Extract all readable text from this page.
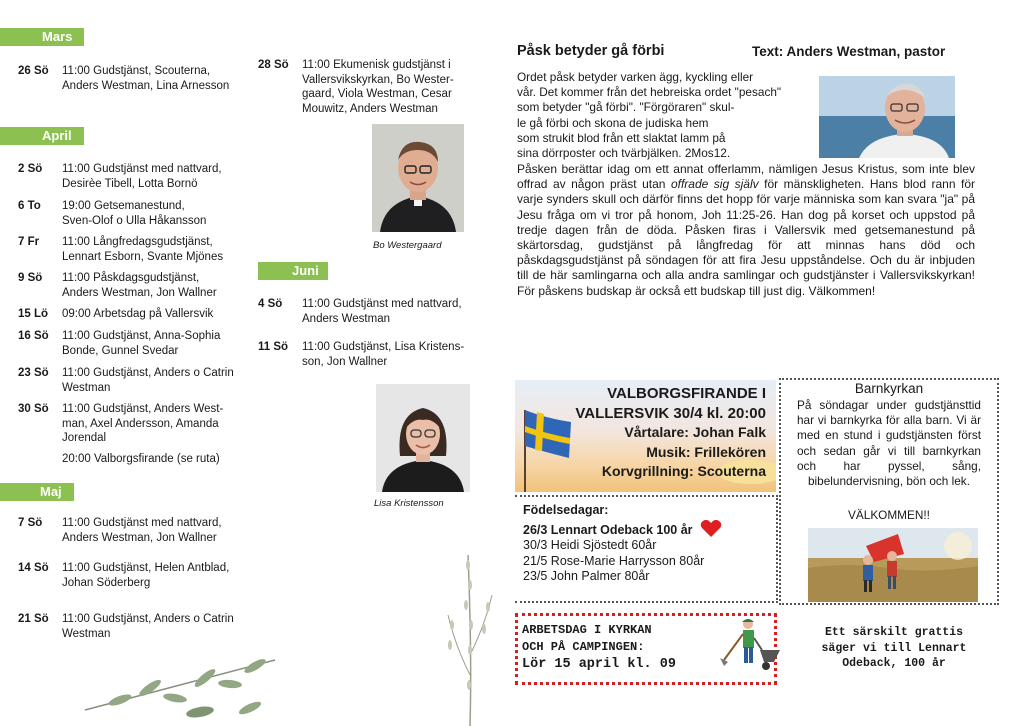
Mars
April
Maj
26 Sö 11:00 Gudstjänst, Scouterna,
Anders Westman, Lina Arnesson
2 Sö 11:00 Gudstjänst med nattvard,
Desirèe Tibell, Lotta Bornö
6 To 19:00 Getsemanestund,
Sven-Olof o Ulla Håkansson
7 Fr 11:00 Långfredagsgudstjänst,
Lennart Esborn, Svante Mjönes
9 Sö 11:00 Påskdagsgudstjänst,
Anders Westman, Jon Wallner
15 Lö 09:00 Arbetsdag på Vallersvik
16 Sö 11:00 Gudstjänst, Anna-Sophia
Bonde, Gunnel Svedar
23 Sö 11:00 Gudstjänst, Anders o Catrin
Westman
30 Sö 11:00 Gudstjänst, Anders West-
man, Axel Andersson, Amanda
Jorendal
20:00 Valborgsfirande (se ruta)
7 Sö 11:00 Gudstjänst med nattvard,
Anders Westman, Jon Wallner
14 Sö 11:00 Gudstjänst, Helen Antblad,
Johan Söderberg
21 Sö 11:00 Gudstjänst, Anders o Catrin
Westman
28 Sö 11:00 Ekumenisk gudstjänst i
Vallersvikskyrkan, Bo Wester-
gaard, Viola Westman, Cesar
Mouwitz, Anders Westman
4 Sö 11:00 Gudstjänst med nattvard,
Anders Westman
11 Sö 11:00 Gudstjänst, Lisa Kristens-
son, Jon Wallner
Bo Westergaard
Juni
Lisa Kristensson
Påsk betyder gå förbi	Text: Anders Westman, pastor
Ordet påsk betyder varken ägg, kyckling eller
vår. Det kommer från det hebreiska ordet "pesach"
som betyder "gå förbi". "Förgöraren" skul-
le gå förbi och skona de judiska hem
som strukit blod från ett slaktat lamm på
sina dörrposter och tvärbjälken. 2Mos12.
Påsken berättar idag om ett annat offerlamm, nämligen Jesus Kristus, som inte blev offrad av någon präst utan offrade sig själv för mänskligheten. Hans blod rann för varje synders skull och därför finns det hopp för varje människa som kan svara "ja" på Jesu fråga om vi tror på honom, Joh 11:25-26. Han dog på korset och uppstod på tredje dagen från de döda. Påsken firas i Vallersvik med getsemanestund på skärtorsdag, gudstjänst på långfredag för att minnas hans död och påskdagsgudstjänst på söndagen för att fira Jesu uppståndelse. Och du är inbjuden till de här samlingarna och alla andra samlingar och gudstjänster i Vallersvikskyrkan! För påskens budskap är också ett budskap till just dig. Välkommen!
VALBORGSFIRANDE I
VALLERSVIK 30/4 kl. 20:00
Vårtalare: Johan Falk
Musik: Frillekören
Korvgrillning: Scouterna
Födelsedagar:
26/3 Lennart Odeback 100 år
30/3 Heidi Sjöstedt 60år
21/5 Rose-Marie Harrysson 80år
23/5 John Palmer 80år
Barnkyrkan
På söndagar under gudstjänsttid har vi barnkyrka för alla barn. Vi är med en stund i gudstjänsten först och sedan går vi till barnkyrkan och har pyssel, sång, bibelundervisning, bön och lek.
VÄLKOMMEN!!
ARBETSDAG I KYRKAN
OCH PÅ CAMPINGEN:
Lör 15 april kl. 09
Ett särskilt grattis
säger vi till Lennart
Odeback, 100 år
